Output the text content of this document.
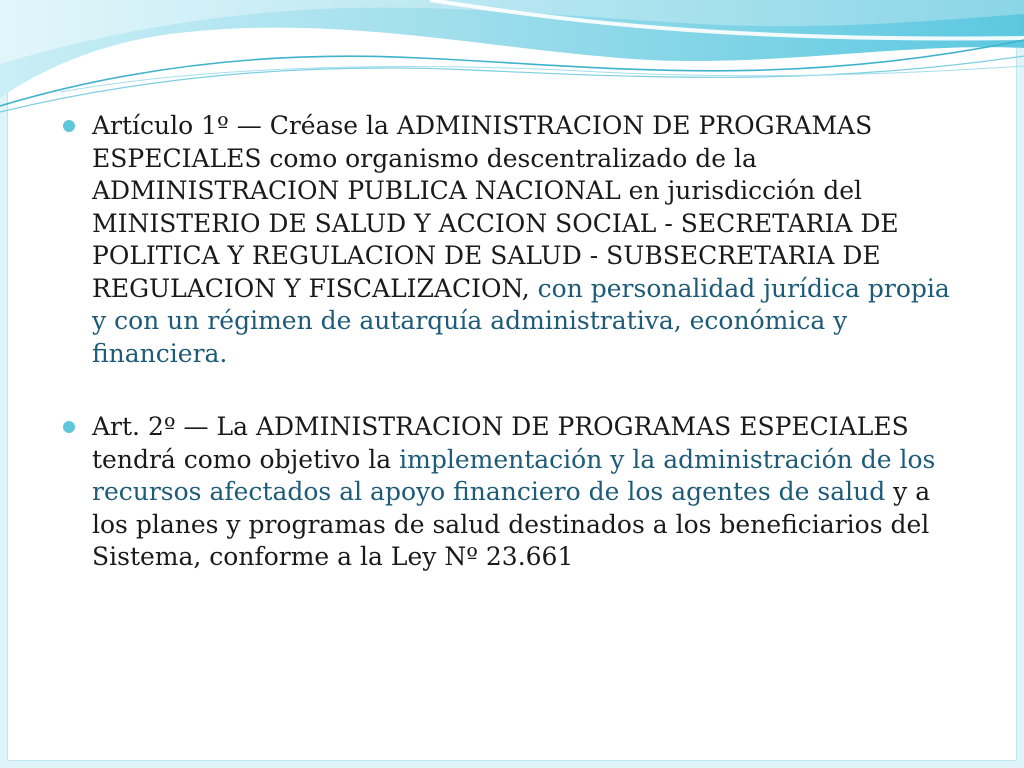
Artículo 1º — Créase la ADMINISTRACION DE PROGRAMAS ESPECIALES como organismo descentralizado de la ADMINISTRACION PUBLICA NACIONAL en jurisdicción del MINISTERIO DE SALUD Y ACCION SOCIAL - SECRETARIA DE POLITICA Y REGULACION DE SALUD - SUBSECRETARIA DE REGULACION Y FISCALIZACION, con personalidad jurídica propia y con un régimen de autarquía administrativa, económica y financiera.
Art. 2º — La ADMINISTRACION DE PROGRAMAS ESPECIALES tendrá como objetivo la implementación y la administración de los recursos afectados al apoyo financiero de los agentes de salud y a los planes y programas de salud destinados a los beneficiarios del Sistema, conforme a la Ley Nº 23.661
